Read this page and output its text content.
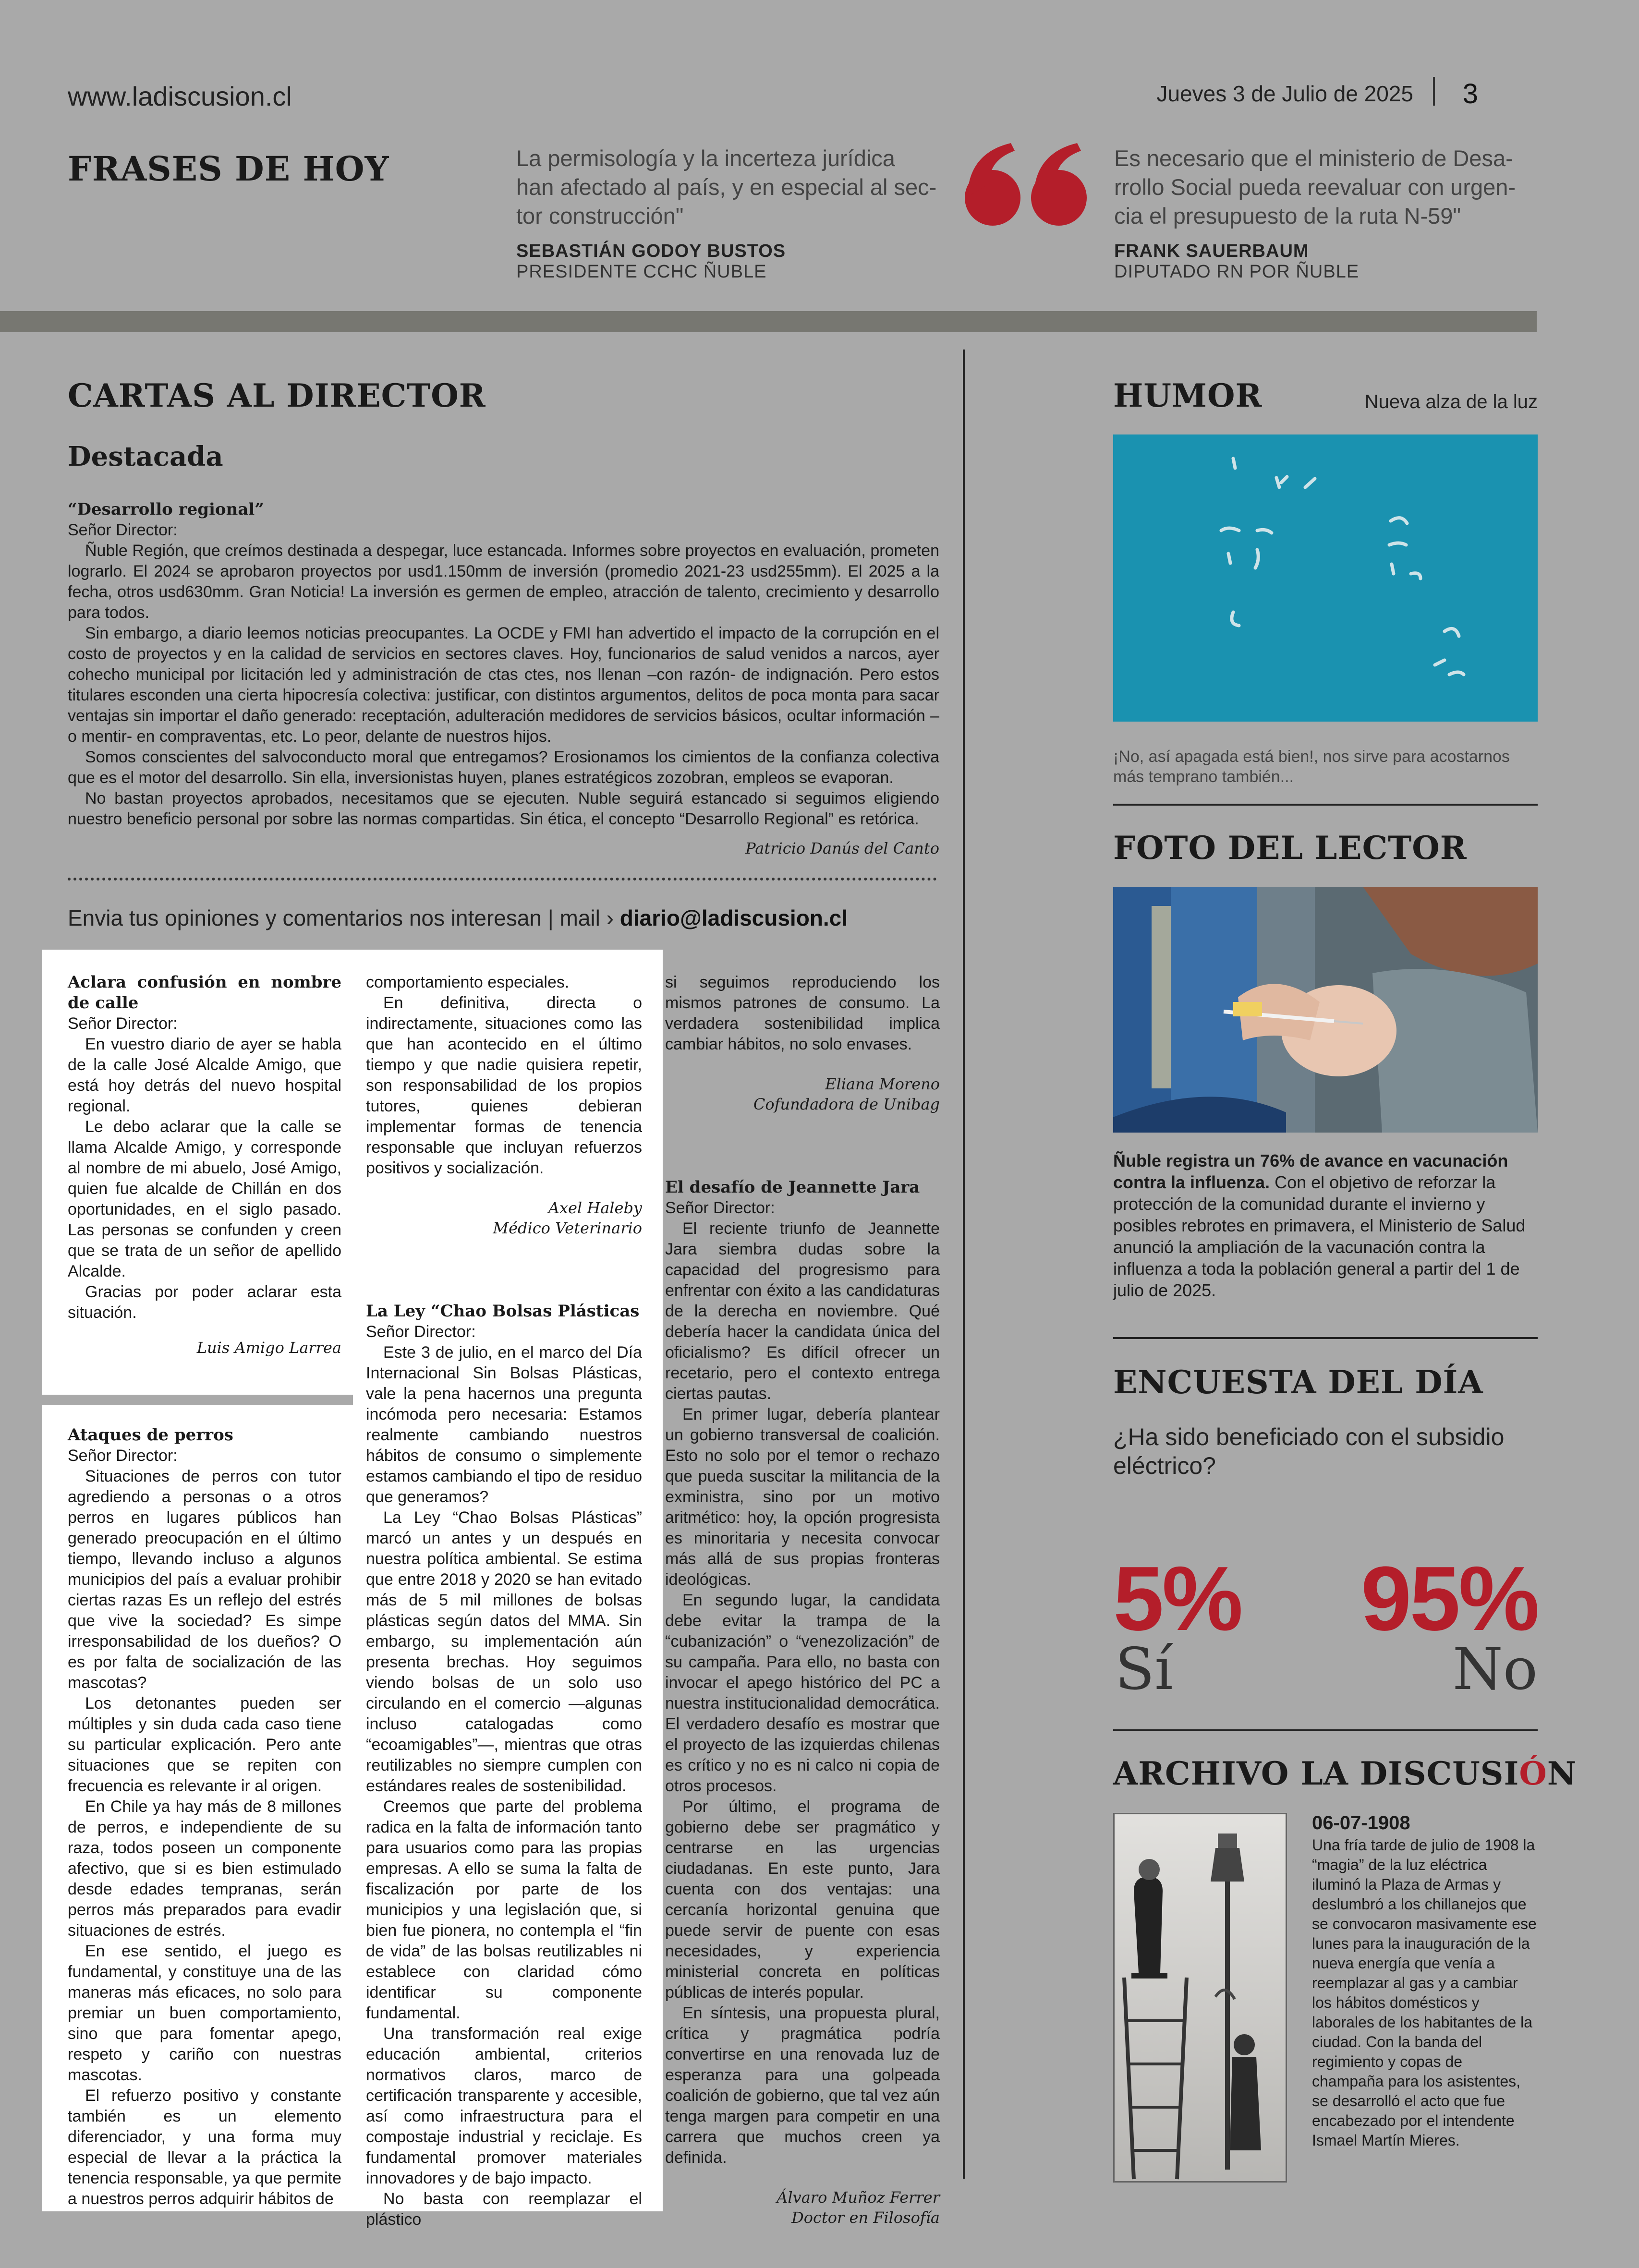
www.ladiscusion.cl	Jueves 3 de Julio de 2025 3
FRASES DE HOY	La permisología y la incerteza jurídica
han afectado al país, y en especial al sec-
tor construcción"
SEBASTIÁN GODOY BUSTOS
PRESIDENTE CCHC ÑUBLE
Es necesario que el ministerio de Desa-
rrollo Social pueda reevaluar con urgen-
cia el presupuesto de la ruta N-59"
FRANK SAUERBAUM
DIPUTADO RN POR ÑUBLE
CARTAS AL DIRECTOR
Destacada

“Desarrollo regional”

Señor Director:

Ñuble Región, que creímos destinada a despegar, luce estancada. Informes sobre proyectos en evaluación, prometen lograrlo. El 2024 se aprobaron proyectos por usd1.150mm de inversión (promedio 2021-23 usd255mm). El 2025 a la fecha, otros usd630mm. Gran Noticia! La inversión es germen de empleo, atracción de talento, crecimiento y desarrollo para todos.

Sin embargo, a diario leemos noticias preocupantes. La OCDE y FMI han advertido el impacto de la corrupción en el costo de proyectos y en la calidad de servicios en sectores claves. Hoy, funcionarios de salud venidos a narcos, ayer cohecho municipal por licitación led y administración de ctas ctes, nos llenan –con razón- de indignación. Pero estos titulares esconden una cierta hipocresía colectiva: justificar, con distintos argumentos, delitos de poca monta para sacar ventajas sin importar el daño generado: receptación, adulteración medidores de servicios básicos, ocultar información –o mentir- en compraventas, etc. Lo peor, delante de nuestros hijos.

Somos conscientes del salvoconducto moral que entregamos? Erosionamos los cimientos de la confianza colectiva que es el motor del desarrollo. Sin ella, inversionistas huyen, planes estratégicos zozobran, empleos se evaporan.

No bastan proyectos aprobados, necesitamos que se ejecuten. Nuble seguirá estancado si seguimos eligiendo nuestro beneficio personal por sobre las normas compartidas. Sin ética, el concepto “Desarrollo Regional” es retórica.

Patricio Danús del Canto
Envia tus opiniones y comentarios nos interesan | mail › diario@ladiscusion.cl

Aclara confusión en nombre de calle

Señor Director:

En vuestro diario de ayer se habla de la calle José Alcalde Amigo, que está hoy detrás del nuevo hospital regional.

Le debo aclarar que la calle se llama Alcalde Amigo, y corresponde al nombre de mi abuelo, José Amigo, quien fue alcalde de Chillán en dos oportunidades, en el siglo pasado. Las personas se confunden y creen que se trata de un señor de apellido Alcalde.

Gracias por poder aclarar esta situación.

Luis Amigo Larrea

Ataques de perros

Señor Director:

Situaciones de perros con tutor agrediendo a personas o a otros perros en lugares públicos han generado preocupación en el último tiempo, llevando incluso a algunos municipios del país a evaluar prohibir ciertas razas Es un reflejo del estrés que vive la sociedad? Es simpe irresponsabilidad de los dueños? O es por falta de socialización de las mascotas?

Los detonantes pueden ser múltiples y sin duda cada caso tiene su particular explicación. Pero ante situaciones que se repiten con frecuencia es relevante ir al origen.

En Chile ya hay más de 8 millones de perros, e independiente de su raza, todos poseen un componente afectivo, que si es bien estimulado desde edades tempranas, serán perros más preparados para evadir situaciones de estrés.

En ese sentido, el juego es fundamental, y constituye una de las maneras más eficaces, no solo para premiar un buen comportamiento, sino que para fomentar apego, respeto y cariño con nuestras mascotas.

El refuerzo positivo y constante también es un elemento diferenciador, y una forma muy especial de llevar a la práctica la tenencia responsable, ya que permite a nuestros perros adquirir hábitos de

comportamiento especiales.

En definitiva, directa o indirectamente, situaciones como las que han acontecido en el último tiempo y que nadie quisiera repetir, son responsabilidad de los propios tutores, quienes debieran implementar formas de tenencia responsable que incluyan refuerzos positivos y socialización.

Axel Haleby
Médico Veterinario

La Ley “Chao Bolsas Plásticas

Señor Director:

Este 3 de julio, en el marco del Día Internacional Sin Bolsas Plásticas, vale la pena hacernos una pregunta incómoda pero necesaria: Estamos realmente cambiando nuestros hábitos de consumo o simplemente estamos cambiando el tipo de residuo que generamos?

La Ley “Chao Bolsas Plásticas” marcó un antes y un después en nuestra política ambiental. Se estima que entre 2018 y 2020 se han evitado más de 5 mil millones de bolsas plásticas según datos del MMA. Sin embargo, su implementación aún presenta brechas. Hoy seguimos viendo bolsas de un solo uso circulando en el comercio —algunas incluso catalogadas como “ecoamigables”—, mientras que otras reutilizables no siempre cumplen con estándares reales de sostenibilidad.

Creemos que parte del problema radica en la falta de información tanto para usuarios como para las propias empresas. A ello se suma la falta de fiscalización por parte de los municipios y una legislación que, si bien fue pionera, no contempla el “fin de vida” de las bolsas reutilizables ni establece con claridad cómo identificar su componente fundamental.

Una transformación real exige educación ambiental, criterios normativos claros, marco de certificación transparente y accesible, así como infraestructura para el compostaje industrial y reciclaje. Es fundamental promover materiales innovadores y de bajo impacto.

No basta con reemplazar el plástico

si seguimos reproduciendo los mismos patrones de consumo. La verdadera sostenibilidad implica cambiar hábitos, no solo envases.

Eliana Moreno
Cofundadora de Unibag

El desafío de Jeannette Jara

Señor Director:

El reciente triunfo de Jeannette Jara siembra dudas sobre la capacidad del progresismo para enfrentar con éxito a las candidaturas de la derecha en noviembre. Qué debería hacer la candidata única del oficialismo? Es difícil ofrecer un recetario, pero el contexto entrega ciertas pautas.

En primer lugar, debería plantear un gobierno transversal de coalición. Esto no solo por el temor o rechazo que pueda suscitar la militancia de la exministra, sino por un motivo aritmético: hoy, la opción progresista es minoritaria y necesita convocar más allá de sus propias fronteras ideológicas.

En segundo lugar, la candidata debe evitar la trampa de la “cubanización” o “venezolización” de su campaña. Para ello, no basta con invocar el apego histórico del PC a nuestra institucionalidad democrática. El verdadero desafío es mostrar que el proyecto de las izquierdas chilenas es crítico y no es ni calco ni copia de otros procesos.

Por último, el programa de gobierno debe ser pragmático y centrarse en las urgencias ciudadanas. En este punto, Jara cuenta con dos ventajas: una cercanía horizontal genuina que puede servir de puente con esas necesidades, y experiencia ministerial concreta en políticas públicas de interés popular.

En síntesis, una propuesta plural, crítica y pragmática podría convertirse en una renovada luz de esperanza para una golpeada coalición de gobierno, que tal vez aún tenga margen para competir en una carrera que muchos creen ya definida.

Álvaro Muñoz Ferrer
Doctor en Filosofía
HUMOR	Nueva alza de la luz
¡No, así apagada está bien!, nos sirve para acostarnos más temprano también...
FOTO DEL LECTOR
Ñuble registra un 76% de avance en vacunación contra la influenza. Con el objetivo de reforzar la protección de la comunidad durante el invierno y posibles rebrotes en primavera, el Ministerio de Salud anunció la ampliación de la vacunación contra la influenza a toda la población general a partir del 1 de julio de 2025.
ENCUESTA DEL DÍA
¿Ha sido beneficiado con el subsidio eléctrico?
5%
Sí
95%
No
ARCHIVO LA DISCUSIÓN
06-07-1908
Una fría tarde de julio de 1908 la “magia” de la luz eléctrica iluminó la Plaza de Armas y deslumbró a los chillanejos que se convocaron masivamente ese lunes para la inauguración de la nueva energía que venía a reemplazar al gas y a cambiar los hábitos domésticos y laborales de los habitantes de la ciudad. Con la banda del regimiento y copas de champaña para los asistentes, se desarrolló el acto que fue encabezado por el intendente Ismael Martín Mieres.
